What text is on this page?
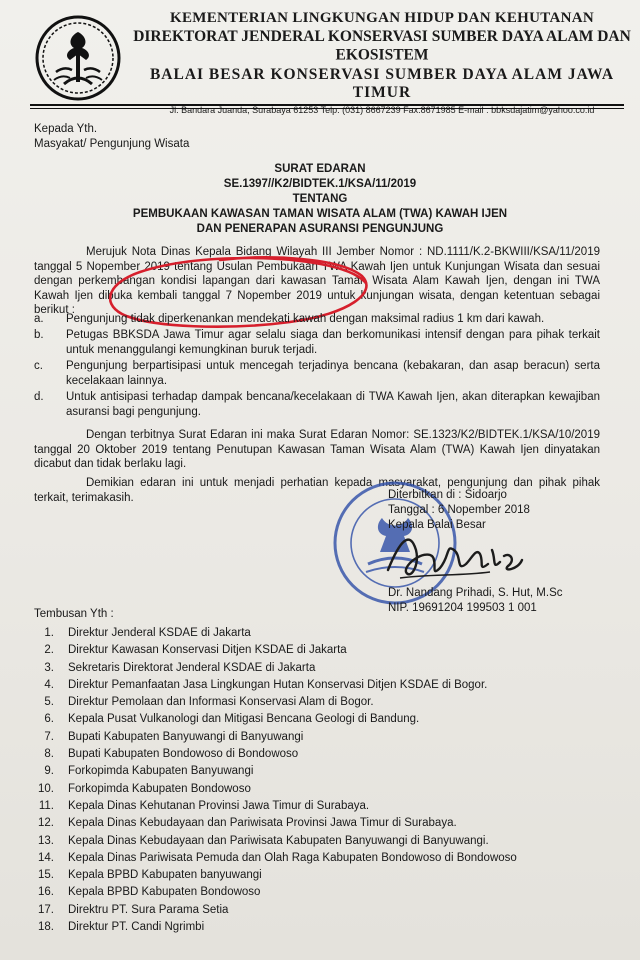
KEMENTERIAN LINGKUNGAN HIDUP DAN KEHUTANAN
DIREKTORAT JENDERAL KONSERVASI SUMBER DAYA ALAM DAN EKOSISTEM
BALAI BESAR KONSERVASI SUMBER DAYA ALAM JAWA TIMUR
Jl. Bandara Juanda, Surabaya 61253 Telp. (031) 8667239 Fax.8671985 E-mail : bbksdajatim@yahoo.co.id
Kepada Yth.
Masyakat/ Pengunjung Wisata
SURAT EDARAN
SE.1397//K2/BIDTEK.1/KSA/11/2019
TENTANG
PEMBUKAAN KAWASAN TAMAN WISATA ALAM (TWA) KAWAH IJEN
DAN PENERAPAN ASURANSI PENGUNJUNG
Merujuk Nota Dinas Kepala Bidang Wilayah III Jember Nomor : ND.1111/K.2-BKWIII/KSA/11/2019 tanggal 5 Nopember 2019 tentang Usulan Pembukaan TWA Kawah Ijen untuk Kunjungan Wisata dan sesuai dengan perkembangan kondisi lapangan dari kawasan Taman Wisata Alam Kawah Ijen, dengan ini TWA Kawah Ijen dibuka kembali tanggal 7 Nopember 2019 untuk kunjungan wisata, dengan ketentuan sebagai berikut :
a. Pengunjung tidak diperkenankan mendekati kawah dengan maksimal radius 1 km dari kawah.
b. Petugas BBKSDA Jawa Timur agar selalu siaga dan berkomunikasi intensif dengan para pihak terkait untuk menanggulangi kemungkinan buruk terjadi.
c. Pengunjung berpartisipasi untuk mencegah terjadinya bencana (kebakaran, dan asap beracun) serta kecelakaan lainnya.
d. Untuk antisipasi terhadap dampak bencana/kecelakaan di TWA Kawah Ijen, akan diterapkan kewajiban asuransi bagi pengunjung.
Dengan terbitnya Surat Edaran ini maka Surat Edaran Nomor: SE.1323/K2/BIDTEK.1/KSA/10/2019 tanggal 20 Oktober 2019 tentang Penutupan Kawasan Taman Wisata Alam (TWA) Kawah Ijen dinyatakan dicabut dan tidak berlaku lagi.
Demikian edaran ini untuk menjadi perhatian kepada masyarakat, pengunjung dan pihak pihak terkait, terimakasih.	Diterbitkan di : Sidoarjo
Tanggal : 6 Nopember 2018
Kepala Balai Besar
Dr. Nandang Prihadi, S. Hut, M.Sc
NIP. 19691204 199503 1 001
Tembusan Yth :
1. Direktur Jenderal KSDAE di Jakarta
2. Direktur Kawasan Konservasi Ditjen KSDAE di Jakarta
3. Sekretaris Direktorat Jenderal KSDAE di Jakarta
4. Direktur Pemanfaatan Jasa Lingkungan Hutan Konservasi Ditjen KSDAE di Bogor.
5. Direktur Pemolaan dan Informasi Konservasi Alam di Bogor.
6. Kepala Pusat Vulkanologi dan Mitigasi Bencana Geologi di Bandung.
7. Bupati Kabupaten Banyuwangi di Banyuwangi
8. Bupati Kabupaten Bondowoso di Bondowoso
9. Forkopimda Kabupaten Banyuwangi
10. Forkopimda Kabupaten Bondowoso
11. Kepala Dinas Kehutanan Provinsi Jawa Timur di Surabaya.
12. Kepala Dinas Kebudayaan dan Pariwisata Provinsi Jawa Timur di Surabaya.
13. Kepala Dinas Kebudayaan dan Pariwisata Kabupaten Banyuwangi di Banyuwangi.
14. Kepala Dinas Pariwisata Pemuda dan Olah Raga Kabupaten Bondowoso di Bondowoso
15. Kepala BPBD Kabupaten banyuwangi
16. Kepala BPBD Kabupaten Bondowoso
17. Direktru PT. Sura Parama Setia
18. Direktur PT. Candi Ngrimbi
